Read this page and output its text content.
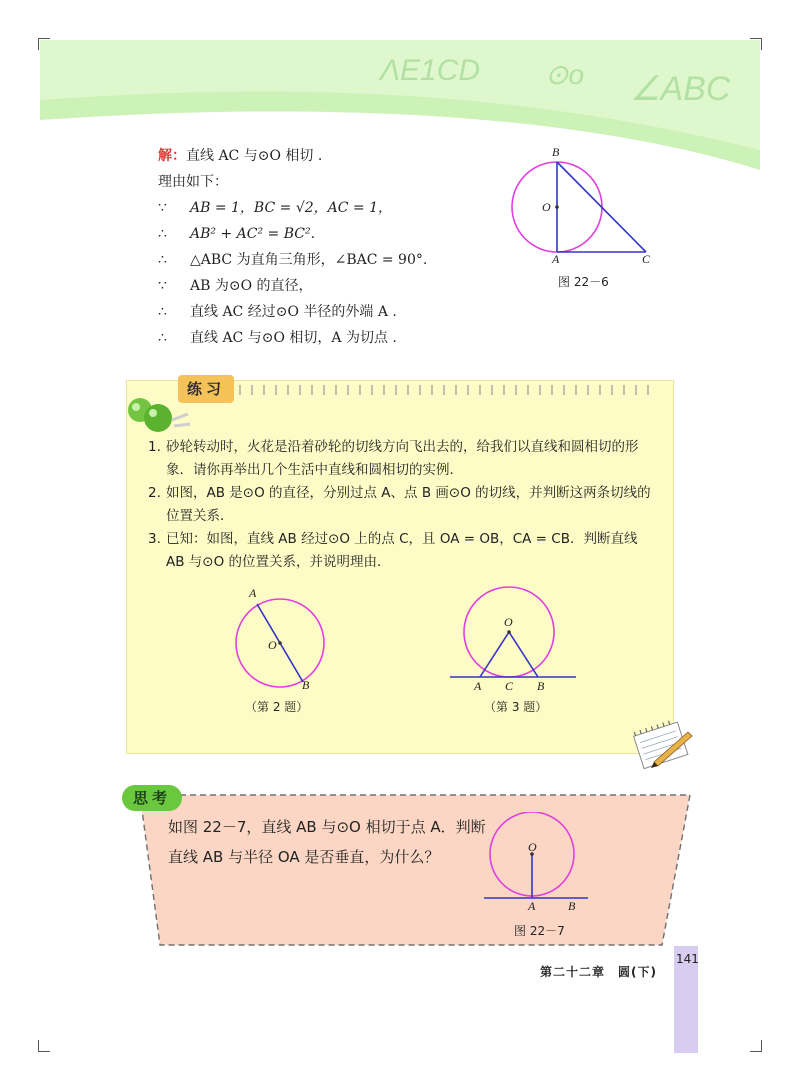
ΛE1CD ⊙o ∠ABC
解： 直线 AC 与⊙O 相切 .
理由如下：
∵	AB = 1，BC = √2，AC = 1，
∴	AB² + AC² = BC².
∴	△ABC 为直角三角形，∠BAC = 90°.
∵	AB 为⊙O 的直径，
∴	直线 AC 经过⊙O 半径的外端 A .
∴	直线 AC 与⊙O 相切，A 为切点 .
B
O
A	C
图 22－6
练习
1. 砂轮转动时，火花是沿着砂轮的切线方向飞出去的，给我们以直线和圆相切的形象．请你再举出几个生活中直线和圆相切的实例．
2. 如图，AB 是⊙O 的直径，分别过点 A、点 B 画⊙O 的切线，并判断这两条切线的位置关系．
3. 已知：如图，直线 AB 经过⊙O 上的点 C，且 OA = OB，CA = CB．判断直线 AB 与⊙O 的位置关系，并说明理由．
A
O
B
（第 2 题）
O
A C B
（第 3 题）
思考
如图 22－7，直线 AB 与⊙O 相切于点 A．判断直线 AB 与半径 OA 是否垂直，为什么？
O
A	B
图 22－7
第二十二章　圆(下)
141
